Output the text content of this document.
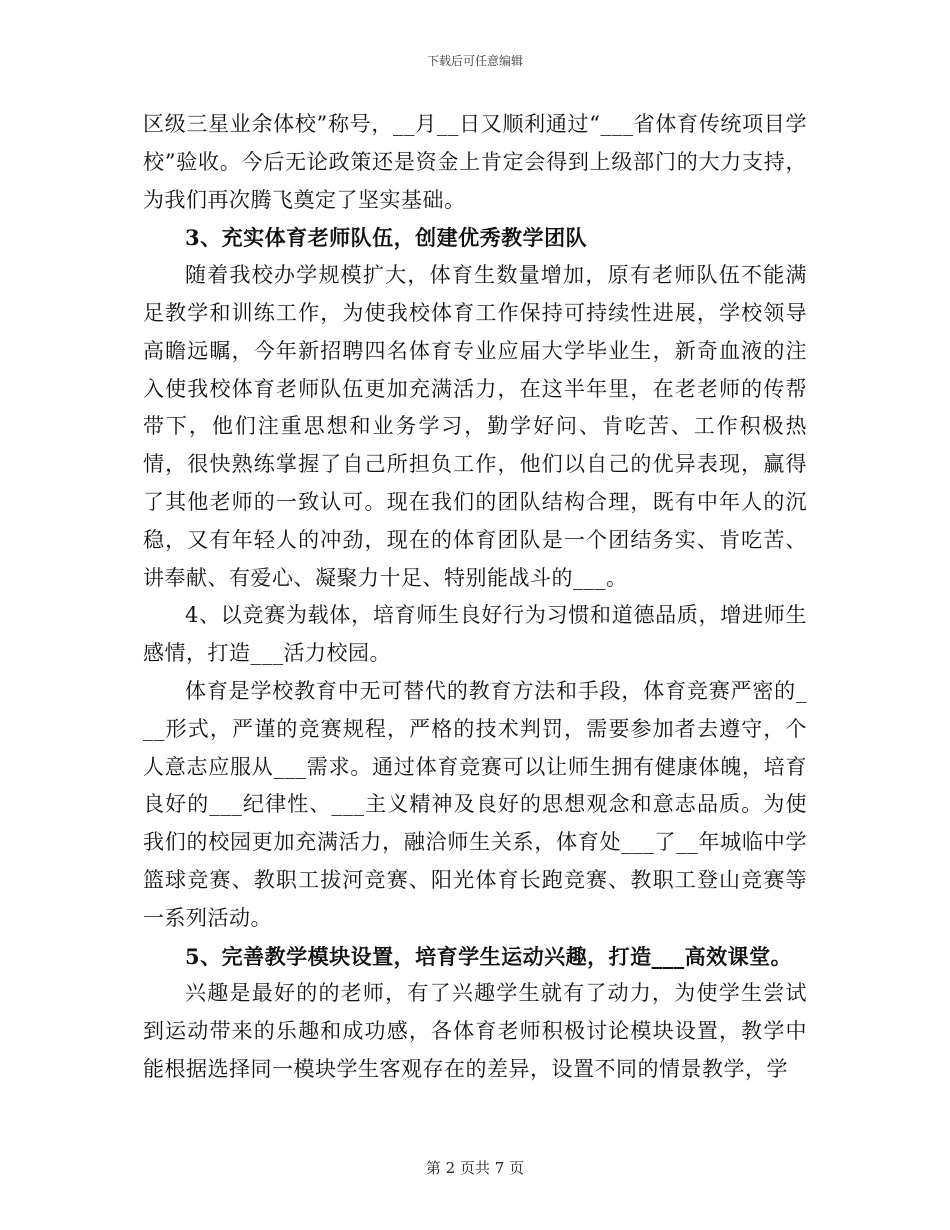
下载后可任意编辑

区级三星业余体校”称号，__月__日又顺利通过“___省体育传统项目学校”验收。今后无论政策还是资金上肯定会得到上级部门的大力支持，为我们再次腾飞奠定了坚实基础。

3、充实体育老师队伍，创建优秀教学团队

随着我校办学规模扩大，体育生数量增加，原有老师队伍不能满足教学和训练工作，为使我校体育工作保持可持续性进展，学校领导高瞻远瞩，今年新招聘四名体育专业应届大学毕业生，新奇血液的注入使我校体育老师队伍更加充满活力，在这半年里，在老老师的传帮带下，他们注重思想和业务学习，勤学好问、肯吃苦、工作积极热情，很快熟练掌握了自己所担负工作，他们以自己的优异表现，赢得了其他老师的一致认可。现在我们的团队结构合理，既有中年人的沉稳，又有年轻人的冲劲，现在的体育团队是一个团结务实、肯吃苦、讲奉献、有爱心、凝聚力十足、特别能战斗的___。

4、以竞赛为载体，培育师生良好行为习惯和道德品质，增进师生感情，打造___活力校园。

体育是学校教育中无可替代的教育方法和手段，体育竞赛严密的___形式，严谨的竞赛规程，严格的技术判罚，需要参加者去遵守，个人意志应服从___需求。通过体育竞赛可以让师生拥有健康体魄，培育良好的___纪律性、___主义精神及良好的思想观念和意志品质。为使我们的校园更加充满活力，融洽师生关系，体育处___了__年城临中学篮球竞赛、教职工拔河竞赛、阳光体育长跑竞赛、教职工登山竞赛等一系列活动。

5、完善教学模块设置，培育学生运动兴趣，打造___高效课堂。

兴趣是最好的的老师，有了兴趣学生就有了动力，为使学生尝试到运动带来的乐趣和成功感，各体育老师积极讨论模块设置，教学中能根据选择同一模块学生客观存在的差异，设置不同的情景教学，学

第 2 页共 7 页
